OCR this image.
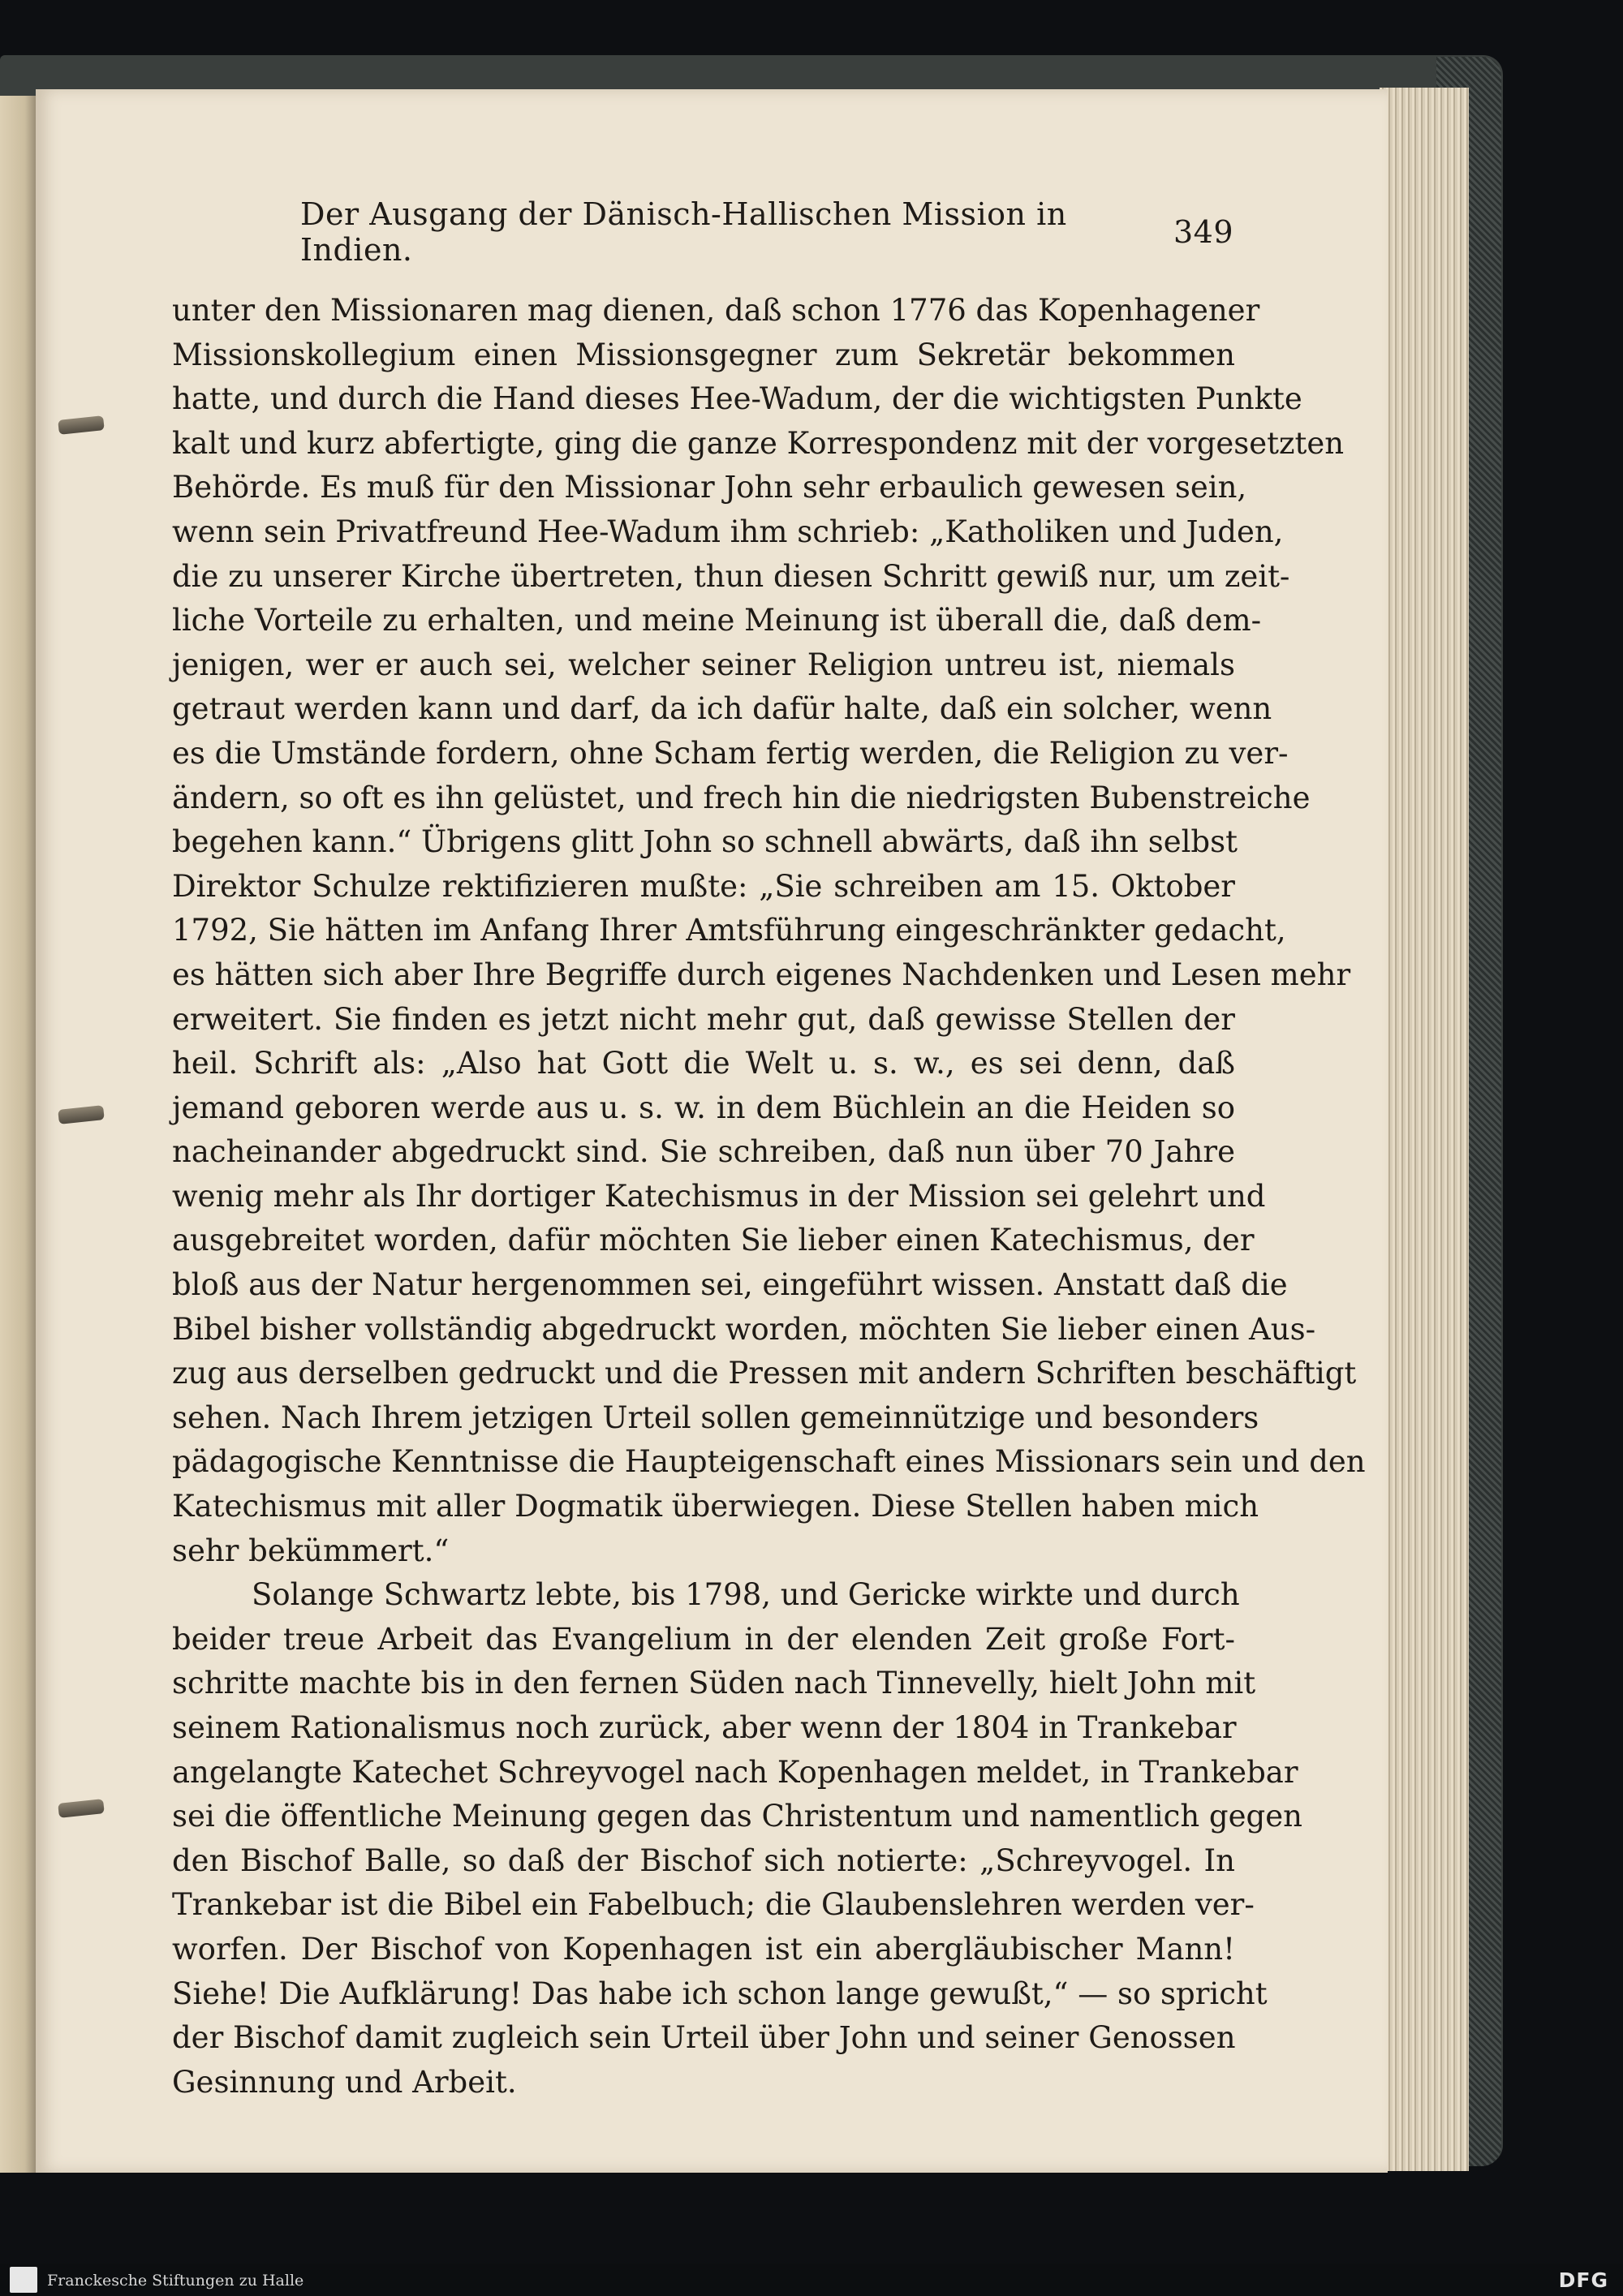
Der Ausgang der Dänisch-Hallischen Mission in Indien.	349
unter den Missionaren mag dienen, daß schon 1776 das Kopenhagener
Missionskollegium einen Missionsgegner zum Sekretär bekommen
hatte, und durch die Hand dieses Hee-Wadum, der die wichtigsten Punkte
kalt und kurz abfertigte, ging die ganze Korrespondenz mit der vorgesetzten
Behörde. Es muß für den Missionar John sehr erbaulich gewesen sein,
wenn sein Privatfreund Hee-Wadum ihm schrieb: „Katholiken und Juden,
die zu unserer Kirche übertreten, thun diesen Schritt gewiß nur, um zeit-
liche Vorteile zu erhalten, und meine Meinung ist überall die, daß dem-
jenigen, wer er auch sei, welcher seiner Religion untreu ist, niemals
getraut werden kann und darf, da ich dafür halte, daß ein solcher, wenn
es die Umstände fordern, ohne Scham fertig werden, die Religion zu ver-
ändern, so oft es ihn gelüstet, und frech hin die niedrigsten Bubenstreiche
begehen kann.“ Übrigens glitt John so schnell abwärts, daß ihn selbst
Direktor Schulze rektifizieren mußte: „Sie schreiben am 15. Oktober
1792, Sie hätten im Anfang Ihrer Amtsführung eingeschränkter gedacht,
es hätten sich aber Ihre Begriffe durch eigenes Nachdenken und Lesen mehr
erweitert. Sie finden es jetzt nicht mehr gut, daß gewisse Stellen der
heil. Schrift als: „Also hat Gott die Welt u. s. w., es sei denn, daß
jemand geboren werde aus u. s. w. in dem Büchlein an die Heiden so
nacheinander abgedruckt sind. Sie schreiben, daß nun über 70 Jahre
wenig mehr als Ihr dortiger Katechismus in der Mission sei gelehrt und
ausgebreitet worden, dafür möchten Sie lieber einen Katechismus, der
bloß aus der Natur hergenommen sei, eingeführt wissen. Anstatt daß die
Bibel bisher vollständig abgedruckt worden, möchten Sie lieber einen Aus-
zug aus derselben gedruckt und die Pressen mit andern Schriften beschäftigt
sehen. Nach Ihrem jetzigen Urteil sollen gemeinnützige und besonders
pädagogische Kenntnisse die Haupteigenschaft eines Missionars sein und den
Katechismus mit aller Dogmatik überwiegen. Diese Stellen haben mich
sehr bekümmert.“
Solange Schwartz lebte, bis 1798, und Gericke wirkte und durch
beider treue Arbeit das Evangelium in der elenden Zeit große Fort-
schritte machte bis in den fernen Süden nach Tinnevelly, hielt John mit
seinem Rationalismus noch zurück, aber wenn der 1804 in Trankebar
angelangte Katechet Schreyvogel nach Kopenhagen meldet, in Trankebar
sei die öffentliche Meinung gegen das Christentum und namentlich gegen
den Bischof Balle, so daß der Bischof sich notierte: „Schreyvogel. In
Trankebar ist die Bibel ein Fabelbuch; die Glaubenslehren werden ver-
worfen. Der Bischof von Kopenhagen ist ein abergläubischer Mann!
Siehe! Die Aufklärung! Das habe ich schon lange gewußt,“ — so spricht
der Bischof damit zugleich sein Urteil über John und seiner Genossen
Gesinnung und Arbeit.
Franckesche Stiftungen zu Halle	DFG
